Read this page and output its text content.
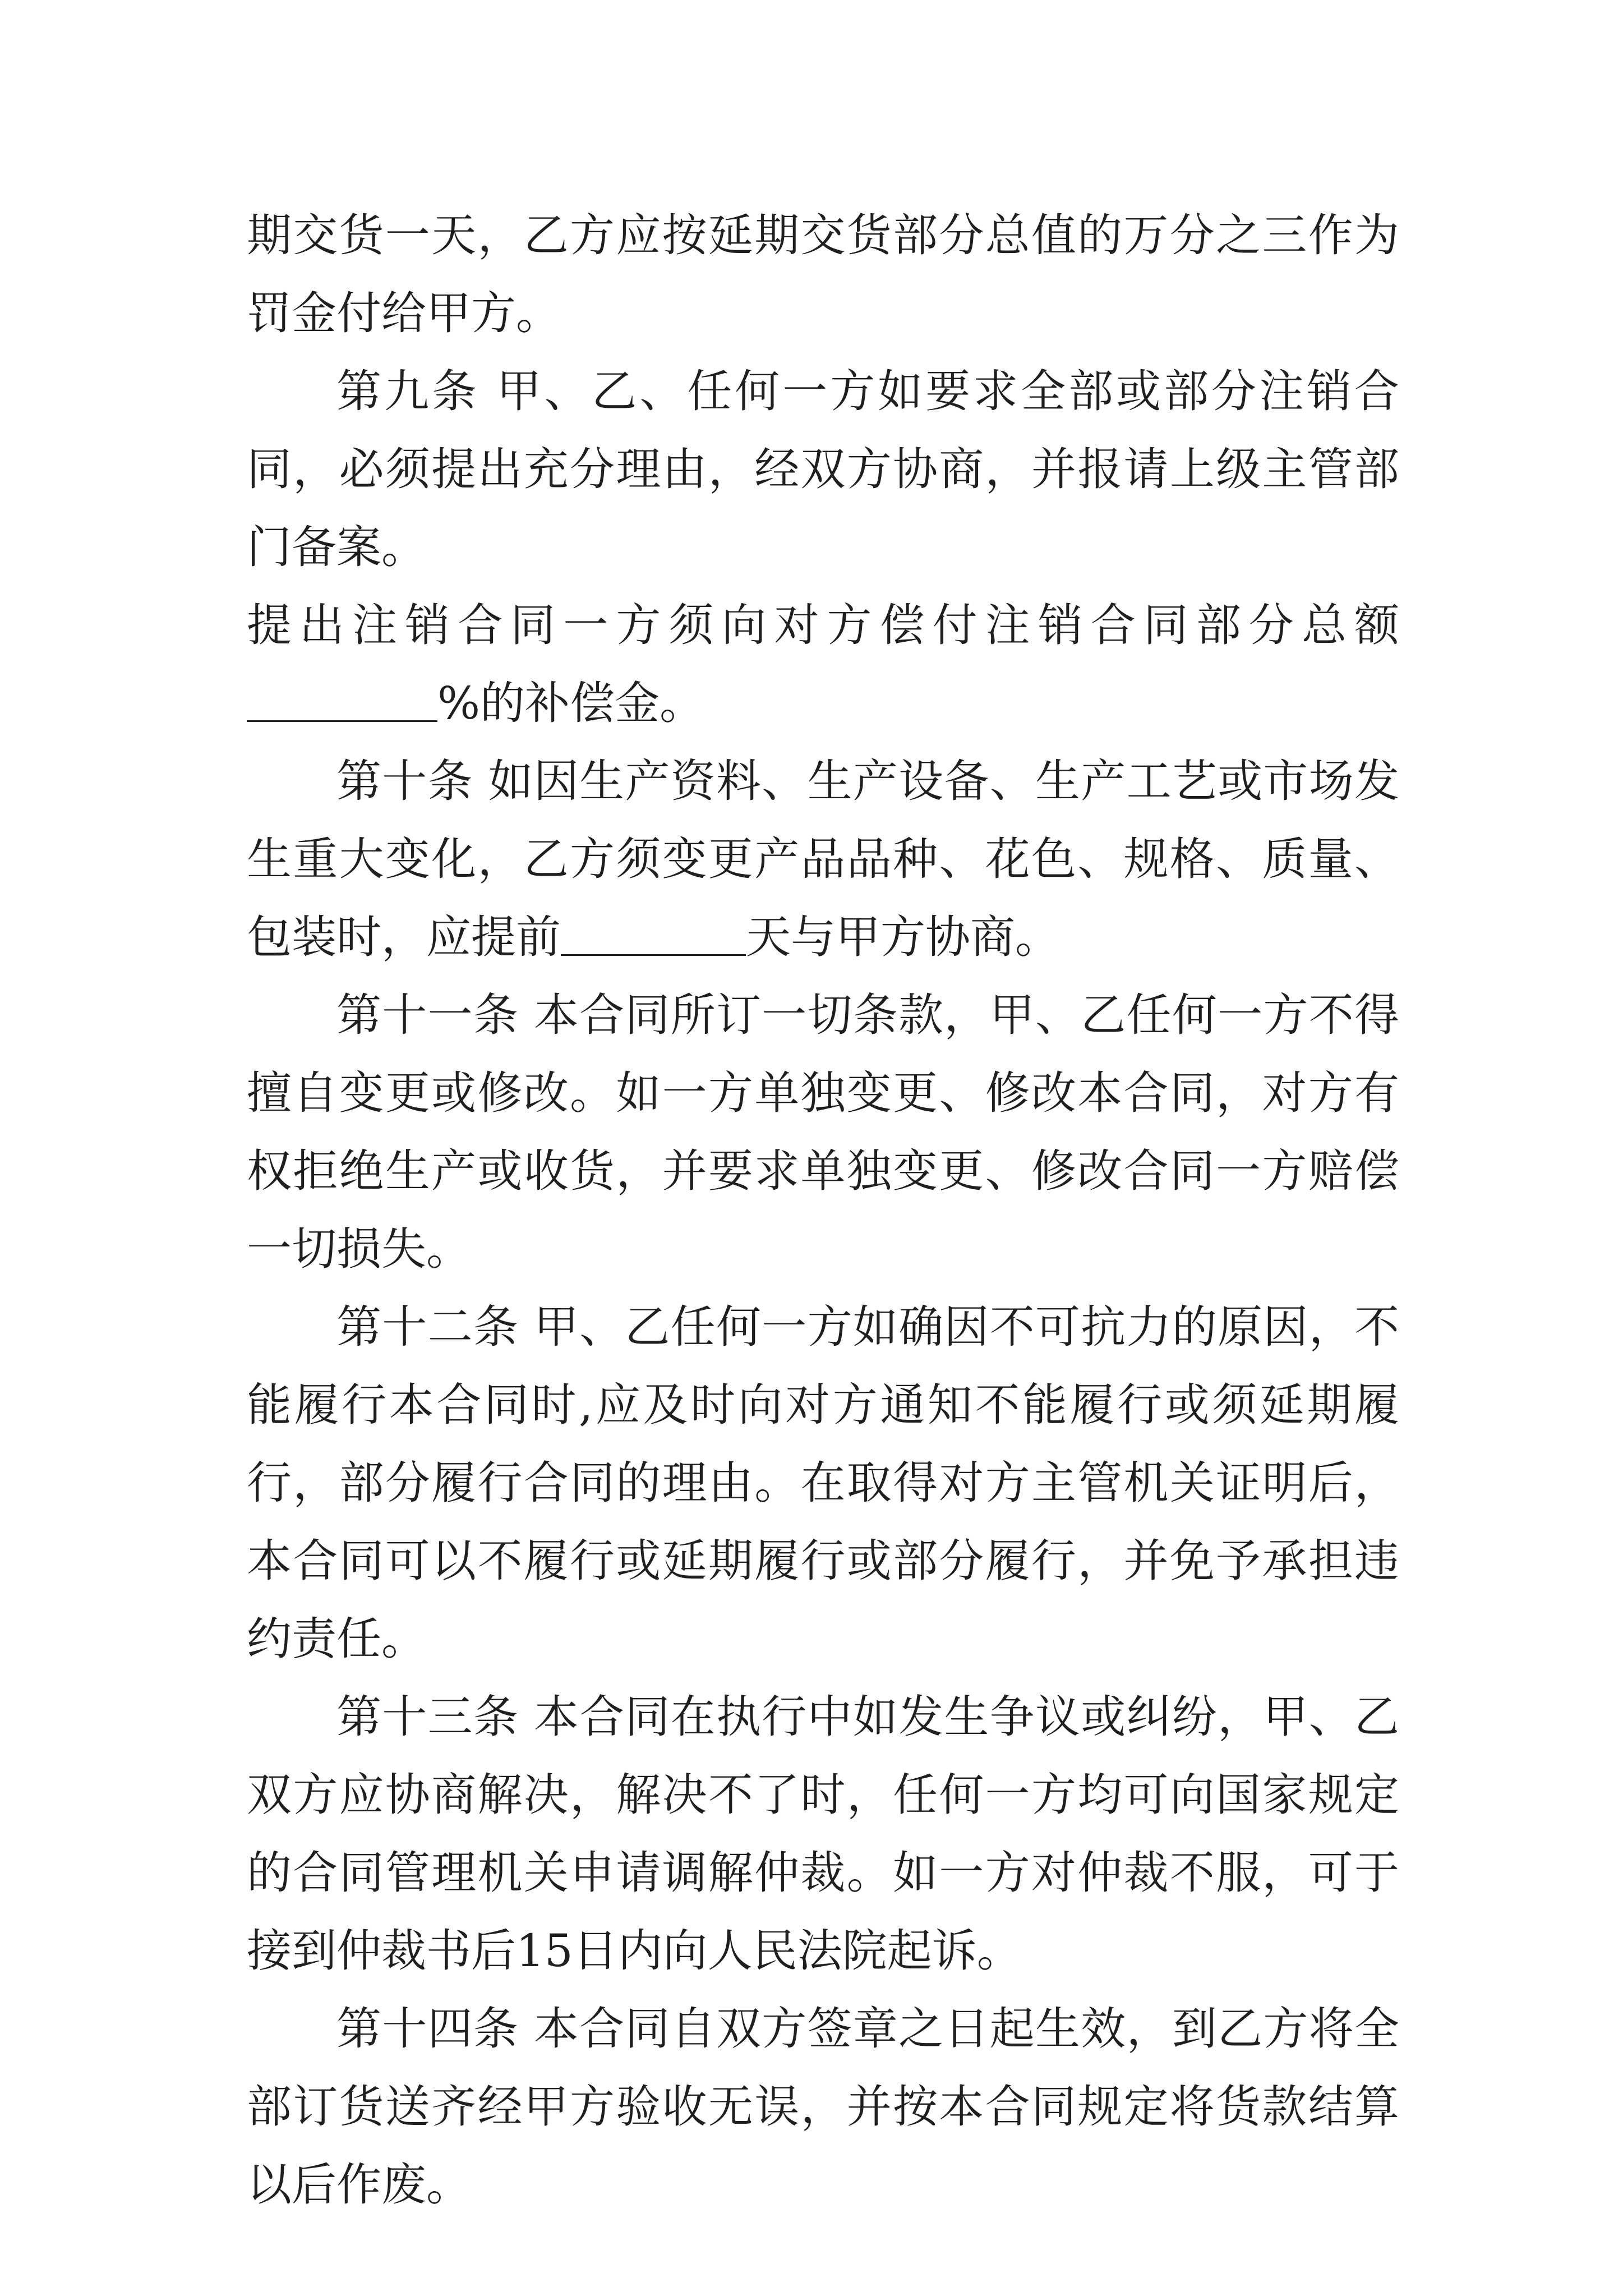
期交货一天，乙方应按延期交货部分总值的万分之三作为罚金付给甲方。

第九条 甲、乙、任何一方如要求全部或部分注销合同，必须提出充分理由，经双方协商，并报请上级主管部门备案。

提出注销合同一方须向对方偿付注销合同部分总额
%的补偿金。

第十条 如因生产资料、生产设备、生产工艺或市场发生重大变化，乙方须变更产品品种、花色、规格、质量、包装时，应提前	天与甲方协商。

第十一条 本合同所订一切条款，甲、乙任何一方不得擅自变更或修改。如一方单独变更、修改本合同，对方有权拒绝生产或收货，并要求单独变更、修改合同一方赔偿一切损失。

第十二条 甲、乙任何一方如确因不可抗力的原因，不能履行本合同时,应及时向对方通知不能履行或须延期履行，部分履行合同的理由。在取得对方主管机关证明后，本合同可以不履行或延期履行或部分履行，并免予承担违约责任。

第十三条 本合同在执行中如发生争议或纠纷，甲、乙双方应协商解决，解决不了时，任何一方均可向国家规定的合同管理机关申请调解仲裁。如一方对仲裁不服，可于接到仲裁书后15日内向人民法院起诉。

第十四条 本合同自双方签章之日起生效，到乙方将全部订货送齐经甲方验收无误，并按本合同规定将货款结算以后作废。
